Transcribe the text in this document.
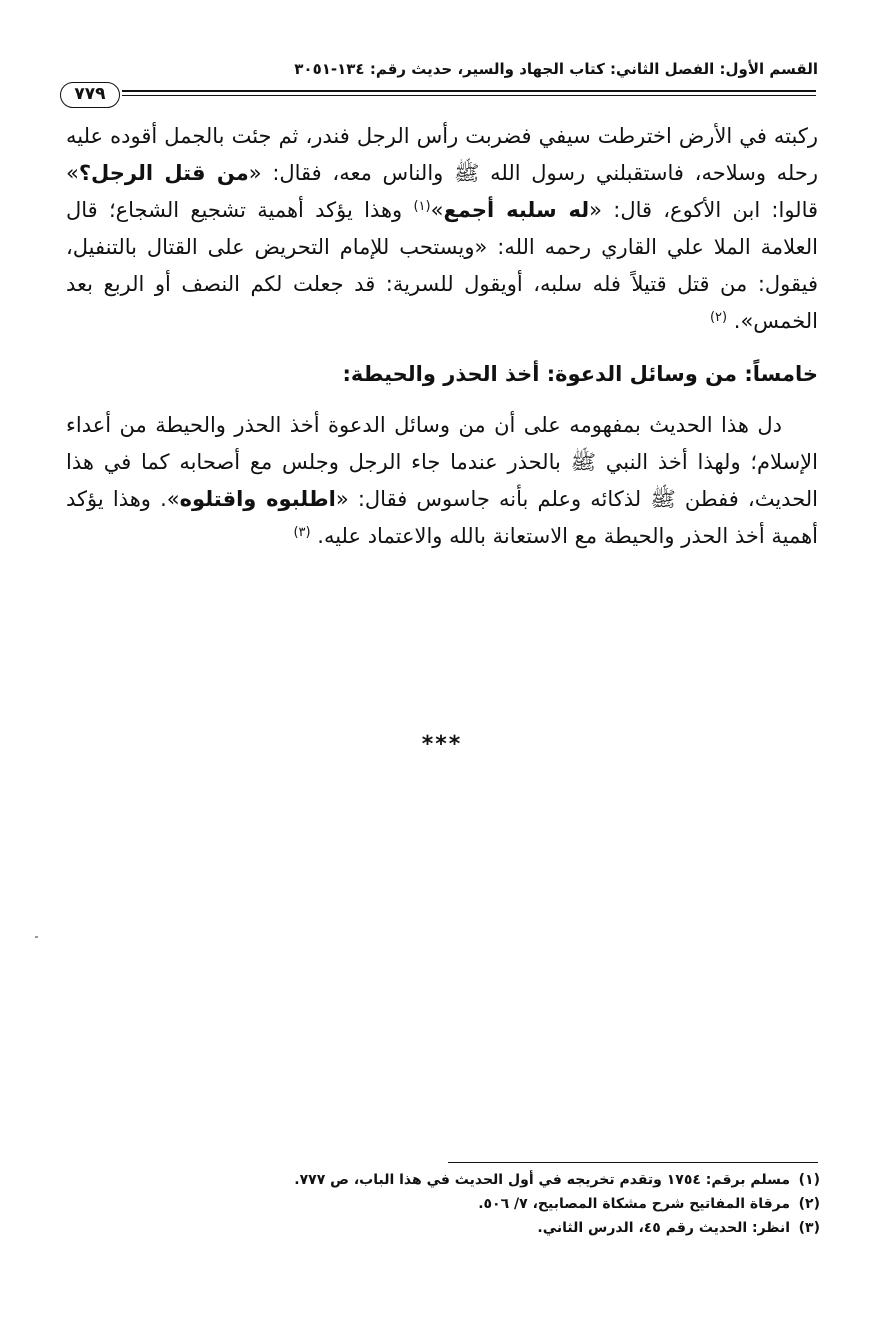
القسم الأول: الفصل الثاني: كتاب الجهاد والسير، حديث رقم: ١٣٤-٣٠٥١
٧٧٩

ركبته في الأرض اخترطت سيفي فضربت رأس الرجل فندر، ثم جئت بالجمل أقوده عليه رحله وسلاحه، فاستقبلني رسول الله ﷺ والناس معه، فقال: «من قتل الرجل؟» قالوا: ابن الأكوع، قال: «له سلبه أجمع»$^{(١)}$ وهذا يؤكد أهمية تشجيع الشجاع؛ قال العلامة الملا علي القاري رحمه الله: «ويستحب للإمام التحريض على القتال بالتنفيل، فيقول: من قتل قتيلاً فله سلبه، أويقول للسرية: قد جعلت لكم النصف أو الربع بعد الخمس». $^{(٢)}$

خامساً: من وسائل الدعوة: أخذ الحذر والحيطة:

دل هذا الحديث بمفهومه على أن من وسائل الدعوة أخذ الحذر والحيطة من أعداء الإسلام؛ ولهذا أخذ النبي ﷺ بالحذر عندما جاء الرجل وجلس مع أصحابه كما في هذا الحديث، ففطن ﷺ لذكائه وعلم بأنه جاسوس فقال: «اطلبوه واقتلوه». وهذا يؤكد أهمية أخذ الحذر والحيطة مع الاستعانة بالله والاعتماد عليه. $^{(٣)}$

***
(١)مسلم برقم: ١٧٥٤ وتقدم تخريجه في أول الحديث في هذا الباب، ص ٧٧٧.
(٢)مرقاة المفاتيح شرح مشكاة المصابيح، ٧/ ٥٠٦.
(٣)انظر: الحديث رقم ٤٥، الدرس الثاني.
